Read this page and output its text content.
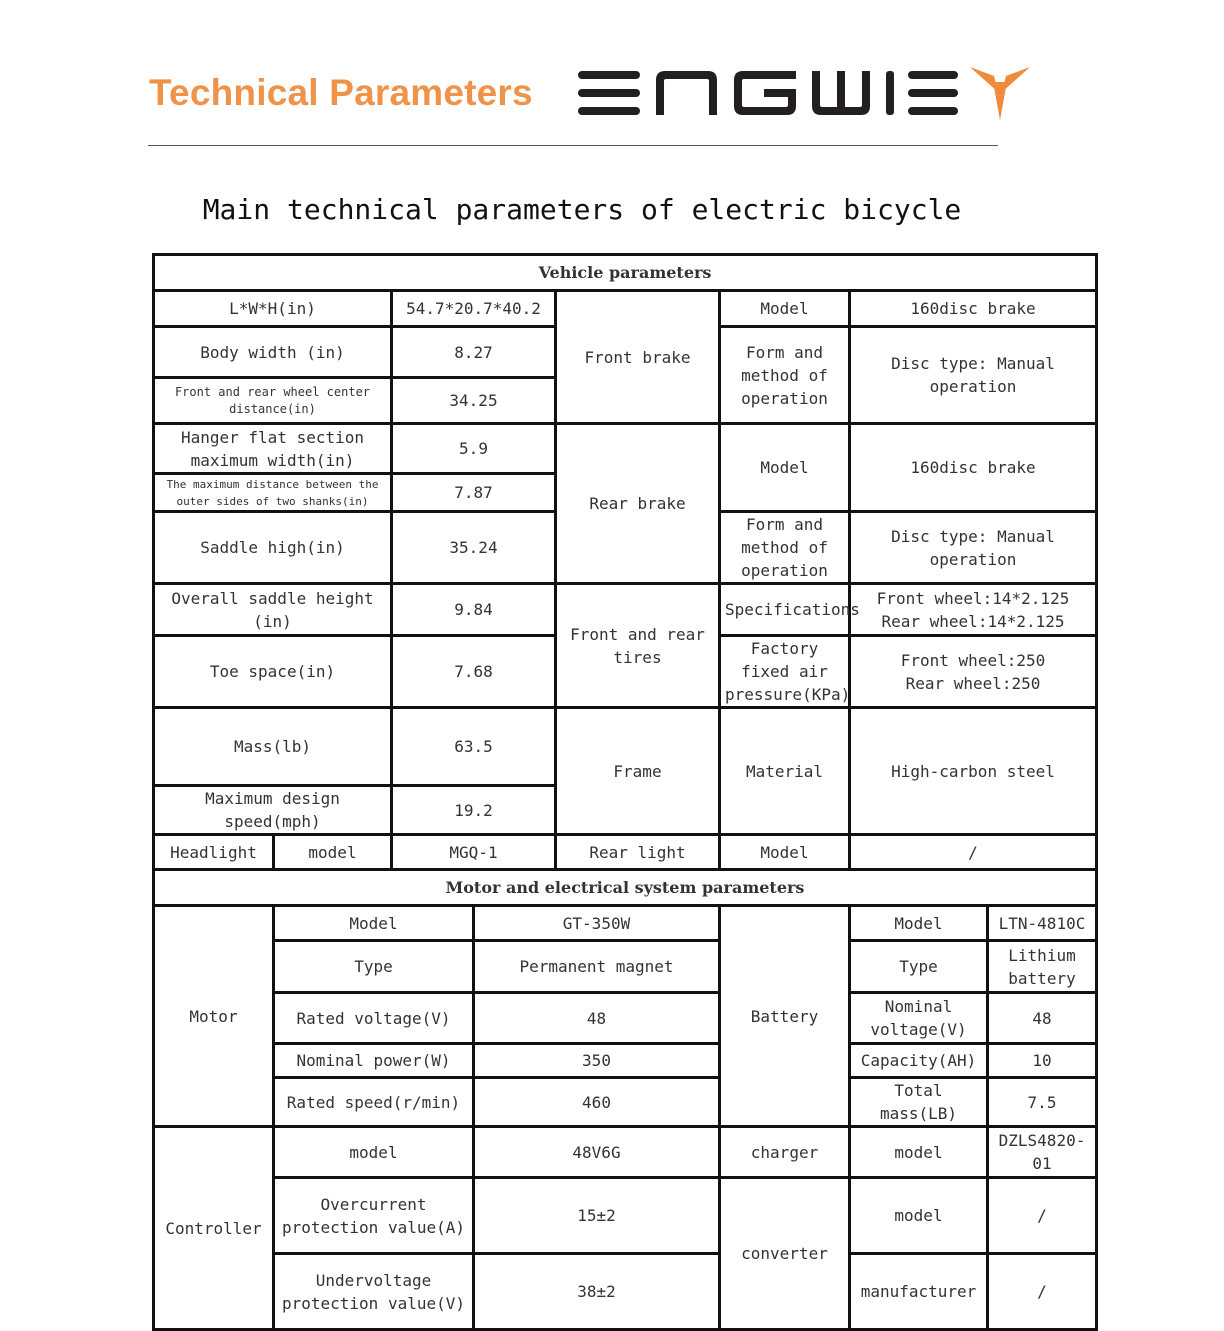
Technical Parameters
Main technical parameters of electric bicycle
Vehicle parameters							
L*W*H(in)		54.7*20.7*40.2		Front brake	Model	160disc brake	
Body width (in)		8.27			Form and method of operation	Disc type: Manual operation	

Front and rear wheel center distance(in)		34.25					
Hanger flat section maximum width(in)		5.9		Rear brake	Model	160disc brake	

The maximum distance between the outer sides of two shanks(in)		7.87					
Saddle high(in)		35.24			Form and method of operation	Disc type: Manual operation	
Overall saddle height (in)		9.84		Front and rear tires	Specifications	Front wheel:14*2.125
Rear wheel:14*2.125	

Toe space(in)		7.68			Factory fixed air pressure(KPa)	Front wheel:250
Rear wheel:250	

Mass(lb)		63.5		Frame	Material	High-carbon steel	
Maximum design speed(mph)		19.2					
Headlight	model	MGQ-1		Rear light	Model	/	
Motor and electrical system parameters							
Motor	Model		GT-350W		Battery	Model	LTN-4810C
	Type		Permanent magnet			Type	Lithium battery
	Rated voltage(V)		48			Nominal voltage(V)	48
	Nominal power(W)		350			Capacity(AH)	10
	Rated speed(r/min)		460			Total mass(LB)	7.5
Controller	model		48V6G		charger	model	DZLS4820-01
	Overcurrent protection value(A)		15±2		converter	model	/
	Undervoltage protection value(V)		38±2			manufacturer	/
